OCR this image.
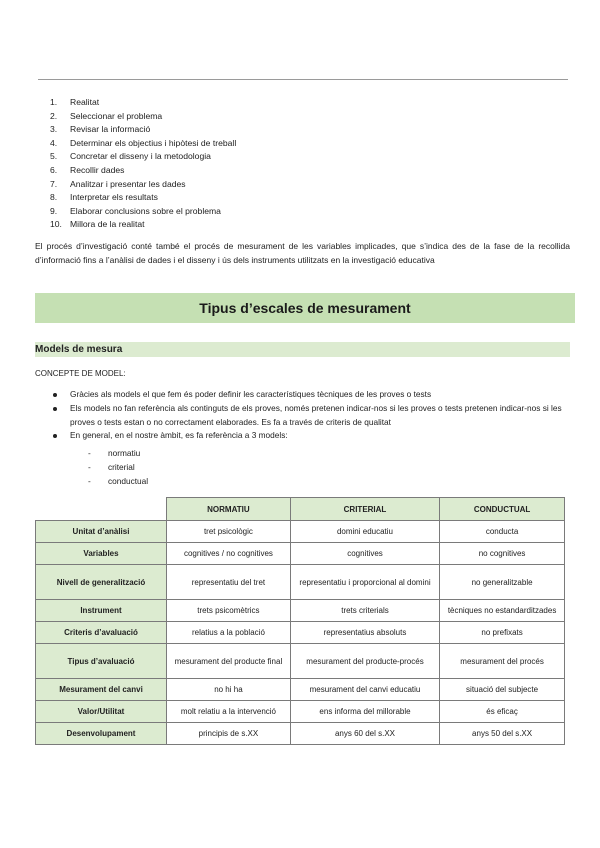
1. Realitat
2. Seleccionar el problema
3. Revisar la informació
4. Determinar els objectius i hipòtesi de treball
5. Concretar el disseny i la metodologia
6. Recollir dades
7. Analitzar i presentar les dades
8. Interpretar els resultats
9. Elaborar conclusions sobre el problema
10. Millora de la realitat

El procés d’investigació conté també el procés de mesurament de les variables implicades, que s’indica des de la fase de la recollida d’informació fins a l’anàlisi de dades i el disseny i ús dels instruments utilitzats en la investigació educativa

Tipus d’escales de mesurament
Models de mesura
CONCEPTE DE MODEL:
Gràcies als models el que fem és poder definir les característiques tècniques de les proves o tests
Els models no fan referència als continguts de els proves, només pretenen indicar-nos si les proves o tests pretenen indicar-nos si les proves o tests estan o no correctament elaborades. Es fa a través de criteris de qualitat
En general, en el nostre àmbit, es fa referència a 3 models:
- normatiu
- criterial
- conductual
	NORMATIU	CRITERIAL	CONDUCTUAL
Unitat d’anàlisi	tret psicològic	domini educatiu	conducta
Variables	cognitives / no cognitives	cognitives	no cognitives
Nivell de generalització	representatiu del tret	representatiu i proporcional al domini	no generalitzable
Instrument	trets psicomètrics	trets criterials	tècniques no estandarditzades
Criteris d’avaluació	relatius a la població	representatius absoluts	no prefixats
Tipus d’avaluació	mesurament del producte final	mesurament del producte-procés	mesurament del procés
Mesurament del canvi	no hi ha	mesurament del canvi educatiu	situació del subjecte
Valor/Utilitat	molt relatiu a la intervenció	ens informa del millorable	és eficaç
Desenvolupament	principis de s.XX	anys 60 del s.XX	anys 50 del s.XX
